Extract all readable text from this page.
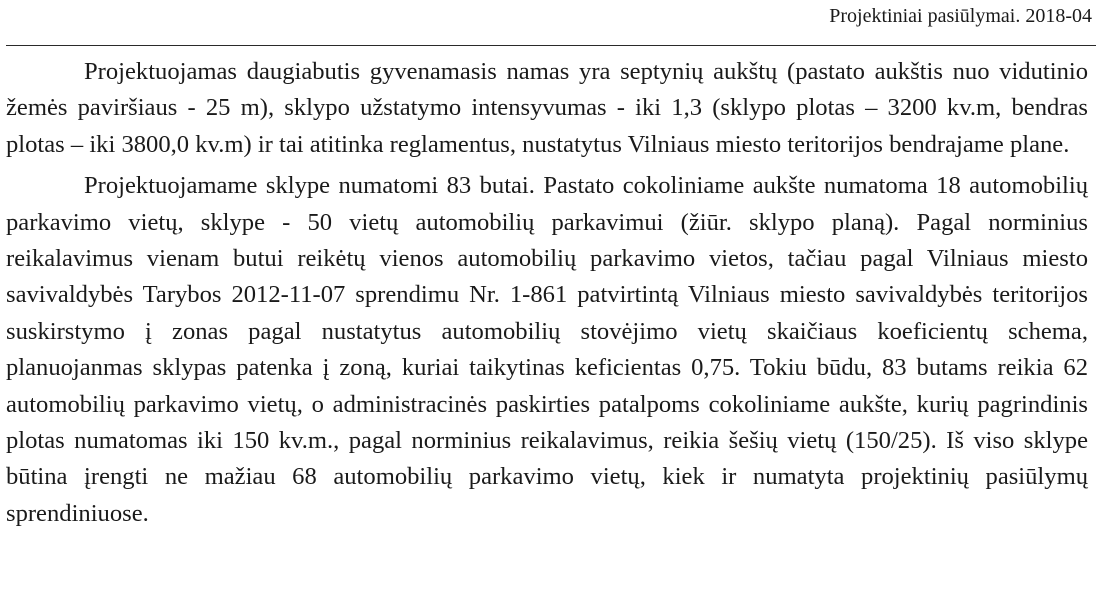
Projektiniai pasiūlymai. 2018-04

Projektuojamas daugiabutis gyvenamasis namas yra septynių aukštų (pastato aukštis nuo vidutinio žemės paviršiaus - 25 m), sklypo užstatymo intensyvumas - iki 1,3 (sklypo plotas – 3200 kv.m, bendras plotas – iki 3800,0 kv.m) ir tai atitinka reglamentus, nustatytus Vilniaus miesto teritorijos bendrajame plane.

Projektuojamame sklype numatomi 83 butai. Pastato cokoliniame aukšte numatoma 18 automobilių parkavimo vietų, sklype - 50 vietų automobilių parkavimui (žiūr. sklypo planą). Pagal norminius reikalavimus vienam butui reikėtų vienos automobilių parkavimo vietos, tačiau pagal Vilniaus miesto savivaldybės Tarybos 2012-11-07 sprendimu Nr. 1-861 patvirtintą Vilniaus miesto savivaldybės teritorijos suskirstymo į zonas pagal nustatytus automobilių stovėjimo vietų skaičiaus koeficientų schema, planuojanmas sklypas patenka į zoną, kuriai taikytinas keficientas 0,75. Tokiu būdu, 83 butams reikia 62 automobilių parkavimo vietų, o administracinės paskirties patalpoms cokoliniame aukšte, kurių pagrindinis plotas numatomas iki 150 kv.m., pagal norminius reikalavimus, reikia šešių vietų (150/25). Iš viso sklype būtina įrengti ne mažiau 68 automobilių parkavimo vietų, kiek ir numatyta projektinių pasiūlymų sprendiniuose.
